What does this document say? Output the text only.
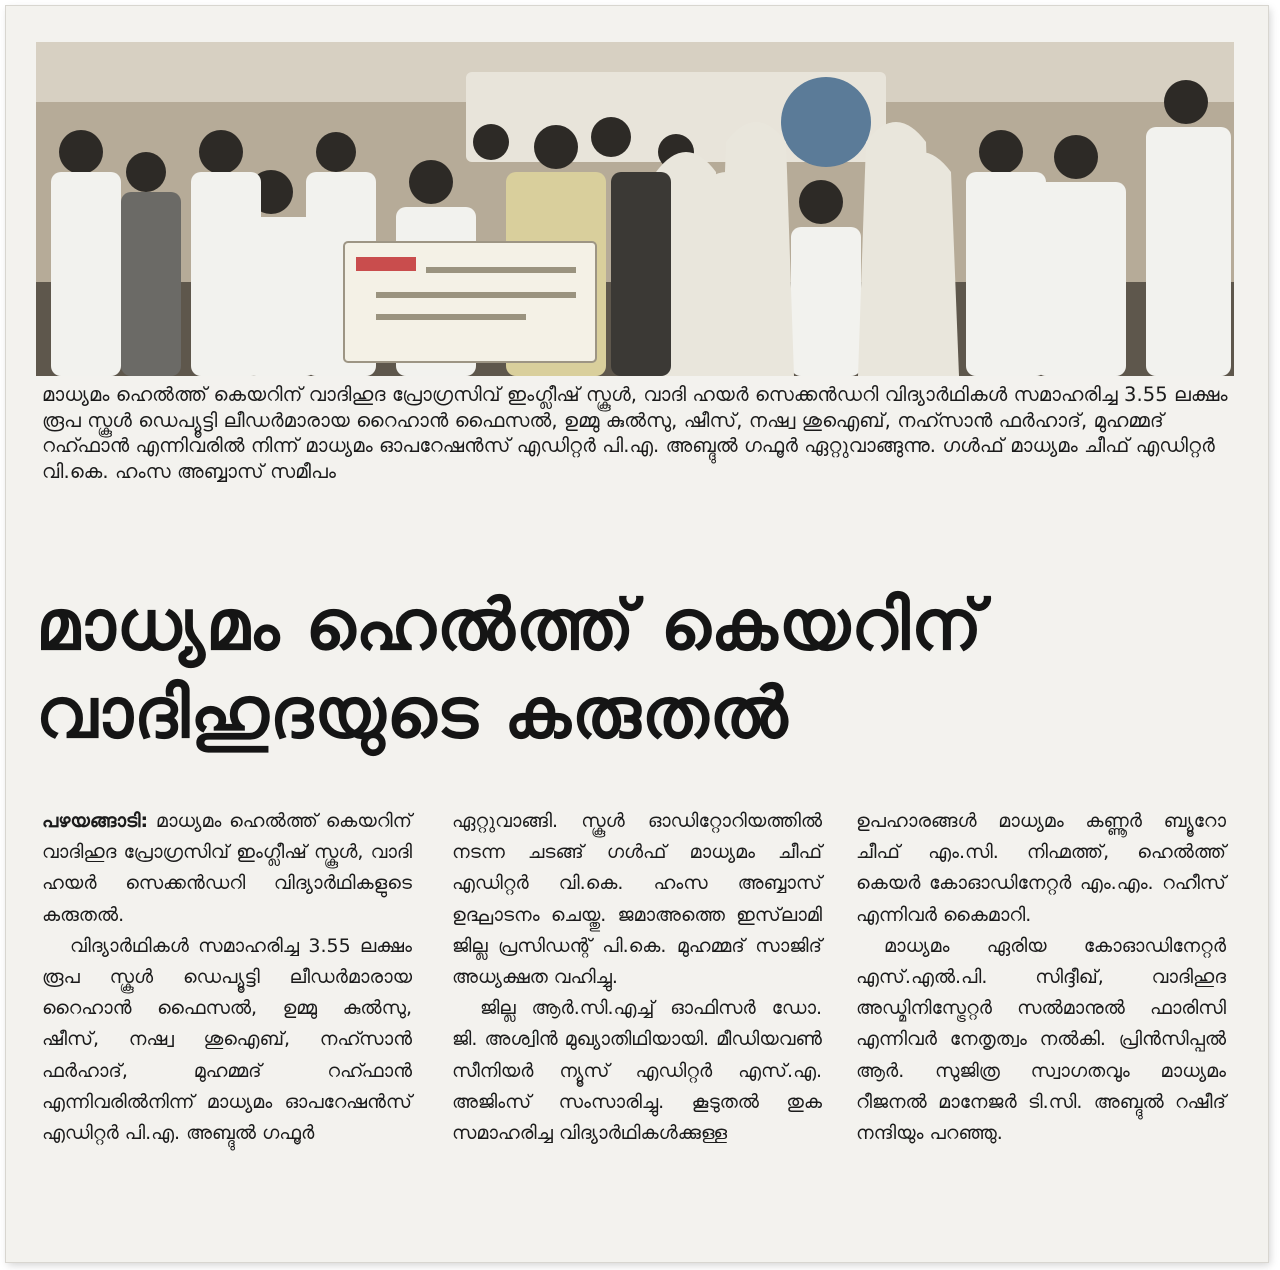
മാധ്യമം ഹെൽത്ത് കെയറിന് വാദിഹുദ പ്രോഗ്രസിവ് ഇംഗ്ലീഷ് സ്കൂൾ, വാദി ഹയർ സെക്കൻഡറി വിദ്യാർഥികൾ സമാഹരിച്ച 3.55 ലക്ഷം രൂപ സ്കൂൾ ഡെപ്യൂട്ടി ലീഡർമാരായ റൈഹാൻ ഫൈസൽ, ഉമ്മു കുൽസു, ഷീസ്, നഷ്വ ശുഐബ്, നഹ്സാൻ ഫർഹാദ്, മുഹമ്മദ് റഹ്ഫാൻ എന്നിവരിൽ നിന്ന് മാധ്യമം ഓപറേഷൻസ് എഡിറ്റർ പി.എ. അബ്ദുൽ ഗഫൂർ ഏറ്റുവാങ്ങുന്നു. ഗൾഫ് മാധ്യമം ചീഫ് എഡിറ്റർ വി.കെ. ഹംസ അബ്ബാസ് സമീപം
മാധ്യമം ഹെൽത്ത് കെയറിന്
വാദിഹുദയുടെ കരുതൽ

പഴയങ്ങാടി: മാധ്യമം ഹെൽത്ത് കെയറിന് വാദിഹുദ പ്രോഗ്രസിവ് ഇംഗ്ലീഷ് സ്കൂൾ, വാദി ഹയർ സെക്കൻഡറി വിദ്യാർഥികളുടെ കരുതൽ.

വിദ്യാർഥികൾ സമാഹരിച്ച 3.55 ലക്ഷം രൂപ സ്കൂൾ ഡെപ്യൂട്ടി ലീഡർമാരായ റൈഹാൻ ഫൈസൽ, ഉമ്മു കുൽസു, ഷീസ്, നഷ്വ ശുഐബ്, നഹ്സാൻ ഫർഹാദ്, മുഹമ്മദ് റഹ്ഫാൻ എന്നിവരിൽനിന്ന് മാധ്യമം ഓപറേഷൻസ് എഡിറ്റർ പി.എ. അബ്ദുൽ ഗഫൂർ

ഏറ്റുവാങ്ങി. സ്കൂൾ ഓഡിറ്റോറിയത്തിൽ നടന്ന ചടങ്ങ് ഗൾഫ് മാധ്യമം ചീഫ് എഡിറ്റർ വി.കെ. ഹംസ അബ്ബാസ് ഉദ്ഘാടനം ചെയ്തു. ജമാഅത്തെ ഇസ്‌ലാമി ജില്ല പ്രസിഡന്റ് പി.കെ. മുഹമ്മദ് സാജിദ് അധ്യക്ഷത വഹിച്ചു.

ജില്ല ആർ.സി.എച്ച് ഓഫിസർ ഡോ. ജി. അശ്വിൻ മുഖ്യാതിഥിയായി. മീഡിയവൺ സീനിയർ ന്യൂസ് എഡിറ്റർ എസ്.എ. അജിംസ് സംസാരിച്ചു. കൂടുതൽ തുക സമാഹരിച്ച വിദ്യാർഥികൾക്കുള്ള

ഉപഹാരങ്ങൾ മാധ്യമം കണ്ണൂർ ബ്യൂറോ ചീഫ് എം.സി. നിഹ്മത്ത്, ഹെൽത്ത് കെയർ കോഓഡിനേറ്റർ എം.എം. റഹീസ് എന്നിവർ കൈമാറി.

മാധ്യമം ഏരിയ കോഓഡിനേറ്റർ എസ്.എൽ.പി. സിദ്ദീഖ്, വാദിഹുദ അഡ്മിനിസ്ട്രേറ്റർ സൽമാനുൽ ഫാരിസി എന്നിവർ നേതൃത്വം നൽകി. പ്രിൻസിപ്പൽ ആർ. സുജിത്ര സ്വാഗതവും മാധ്യമം റീജനൽ മാനേജർ ടി.സി. അബ്ദുൽ റഷീദ് നന്ദിയും പറഞ്ഞു.
